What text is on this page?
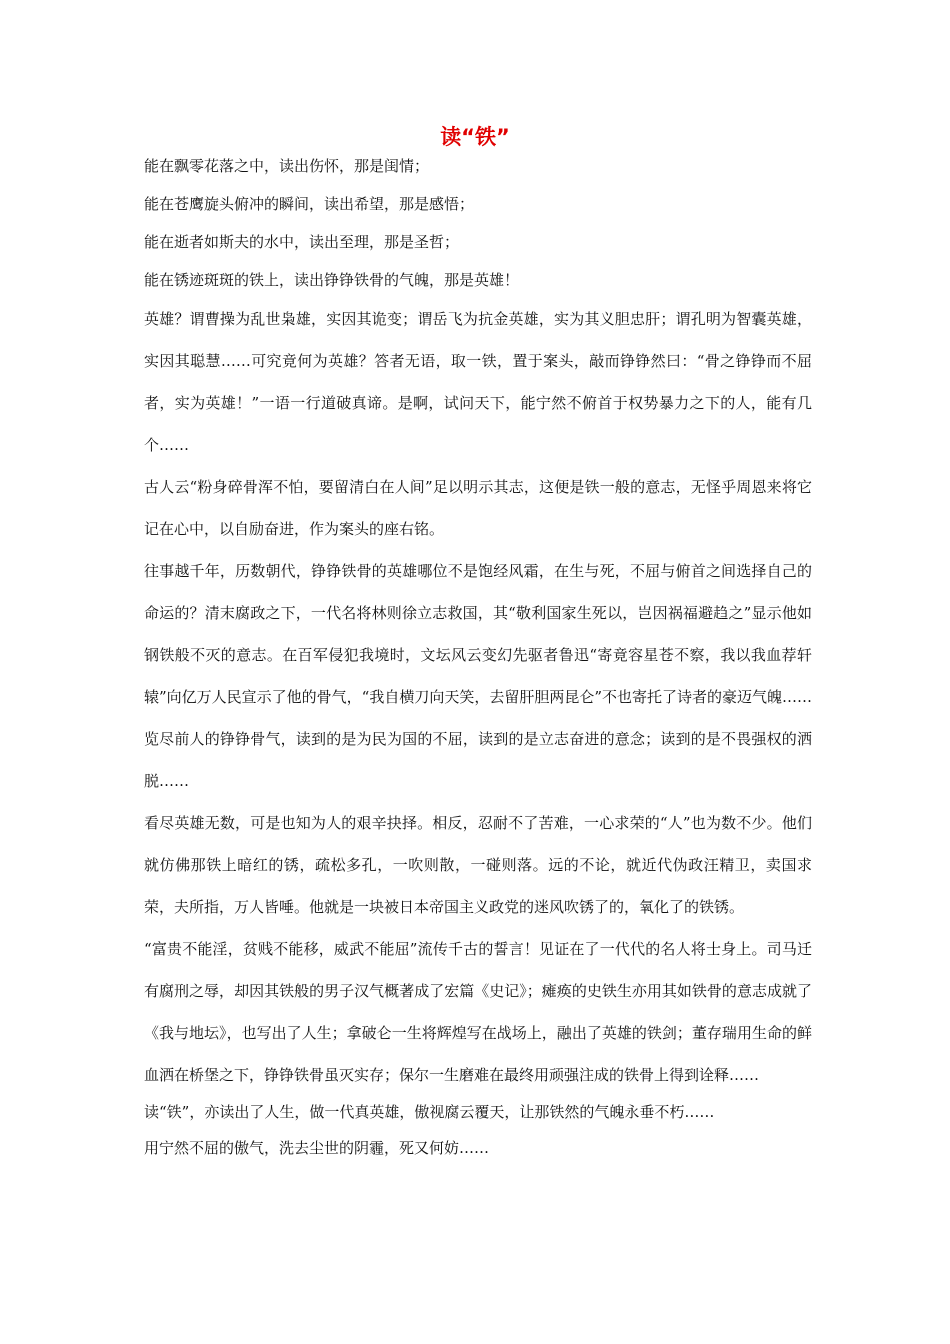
读“铁”

能在飘零花落之中，读出伤怀，那是闺情；

能在苍鹰旋头俯冲的瞬间，读出希望，那是感悟；

能在逝者如斯夫的水中，读出至理，那是圣哲；

能在锈迹斑斑的铁上，读出铮铮铁骨的气魄，那是英雄！

英雄？谓曹操为乱世枭雄，实因其诡变；谓岳飞为抗金英雄，实为其义胆忠肝；谓孔明为智囊英雄，实因其聪慧……可究竟何为英雄？答者无语，取一铁，置于案头，敲而铮铮然曰：“骨之铮铮而不屈者，实为英雄！”一语一行道破真谛。是啊，试问天下，能宁然不俯首于权势暴力之下的人，能有几个……

古人云“粉身碎骨浑不怕，要留清白在人间”足以明示其志，这便是铁一般的意志，无怪乎周恩来将它记在心中，以自励奋进，作为案头的座右铭。

往事越千年，历数朝代，铮铮铁骨的英雄哪位不是饱经风霜，在生与死，不屈与俯首之间选择自己的命运的？清末腐政之下，一代名将林则徐立志救国，其“敬利国家生死以，岂因祸福避趋之”显示他如钢铁般不灭的意志。在百军侵犯我境时，文坛风云变幻先驱者鲁迅“寄竟容星苍不察，我以我血荐轩辕”向亿万人民宣示了他的骨气，“我自横刀向天笑，去留肝胆两昆仑”不也寄托了诗者的豪迈气魄……览尽前人的铮铮骨气，读到的是为民为国的不屈，读到的是立志奋进的意念；读到的是不畏强权的洒脱……

看尽英雄无数，可是也知为人的艰辛抉择。相反，忍耐不了苦难，一心求荣的“人”也为数不少。他们就仿佛那铁上暗红的锈，疏松多孔，一吹则散，一碰则落。远的不论，就近代伪政汪精卫，卖国求荣，夫所指，万人皆唾。他就是一块被日本帝国主义政党的迷风吹锈了的，氧化了的铁锈。

“富贵不能淫，贫贱不能移，威武不能屈”流传千古的誓言！见证在了一代代的名人将士身上。司马迁有腐刑之辱，却因其铁般的男子汉气概著成了宏篇《史记》；瘫痪的史铁生亦用其如铁骨的意志成就了《我与地坛》，也写出了人生；拿破仑一生将辉煌写在战场上，融出了英雄的铁剑；董存瑞用生命的鲜血洒在桥堡之下，铮铮铁骨虽灭实存；保尔一生磨难在最终用顽强注成的铁骨上得到诠释……

读“铁”，亦读出了人生，做一代真英雄，傲视腐云覆天，让那铁然的气魄永垂不朽……

用宁然不屈的傲气，洗去尘世的阴霾，死又何妨……
